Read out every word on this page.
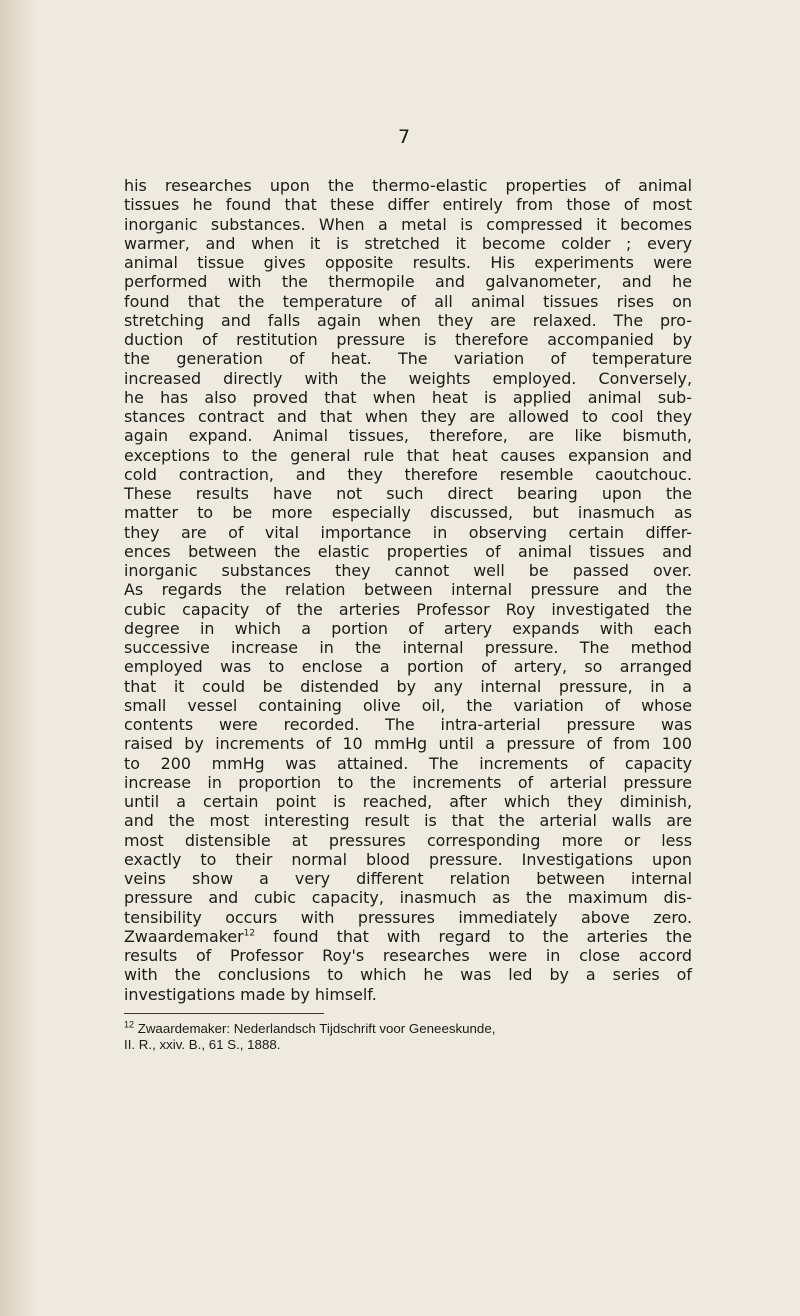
7

his researches upon the thermo-elastic properties of animal
tissues he found that these differ entirely from those of most
inorganic substances. When a metal is compressed it becomes
warmer, and when it is stretched it become colder ; every
animal tissue gives opposite results. His experiments were
performed with the thermopile and galvanometer, and he
found that the temperature of all animal tissues rises on
stretching and falls again when they are relaxed. The pro-
duction of restitution pressure is therefore accompanied by
the generation of heat. The variation of temperature
increased directly with the weights employed. Conversely,
he has also proved that when heat is applied animal sub-
stances contract and that when they are allowed to cool they
again expand. Animal tissues, therefore, are like bismuth,
exceptions to the general rule that heat causes expansion and
cold contraction, and they therefore resemble caoutchouc.
These results have not such direct bearing upon the
matter to be more especially discussed, but inasmuch as
they are of vital importance in observing certain differ-
ences between the elastic properties of animal tissues and
inorganic substances they cannot well be passed over.
As regards the relation between internal pressure and the
cubic capacity of the arteries Professor Roy investigated the
degree in which a portion of artery expands with each
successive increase in the internal pressure. The method
employed was to enclose a portion of artery, so arranged
that it could be distended by any internal pressure, in a
small vessel containing olive oil, the variation of whose
contents were recorded. The intra-arterial pressure was
raised by increments of 10 mmHg until a pressure of from 100
to 200 mmHg was attained. The increments of capacity
increase in proportion to the increments of arterial pressure
until a certain point is reached, after which they diminish,
and the most interesting result is that the arterial walls are
most distensible at pressures corresponding more or less
exactly to their normal blood pressure. Investigations upon
veins show a very different relation between internal
pressure and cubic capacity, inasmuch as the maximum dis-
tensibility occurs with pressures immediately above zero.
Zwaardemaker$^{12}$ found that with regard to the arteries the
results of Professor Roy's researches were in close accord
with the conclusions to which he was led by a series of
investigations made by himself.

$^{12}$ Zwaardemaker: Nederlandsch Tijdschrift voor Geneeskunde,
II. R., xxiv. B., 61 S., 1888.
